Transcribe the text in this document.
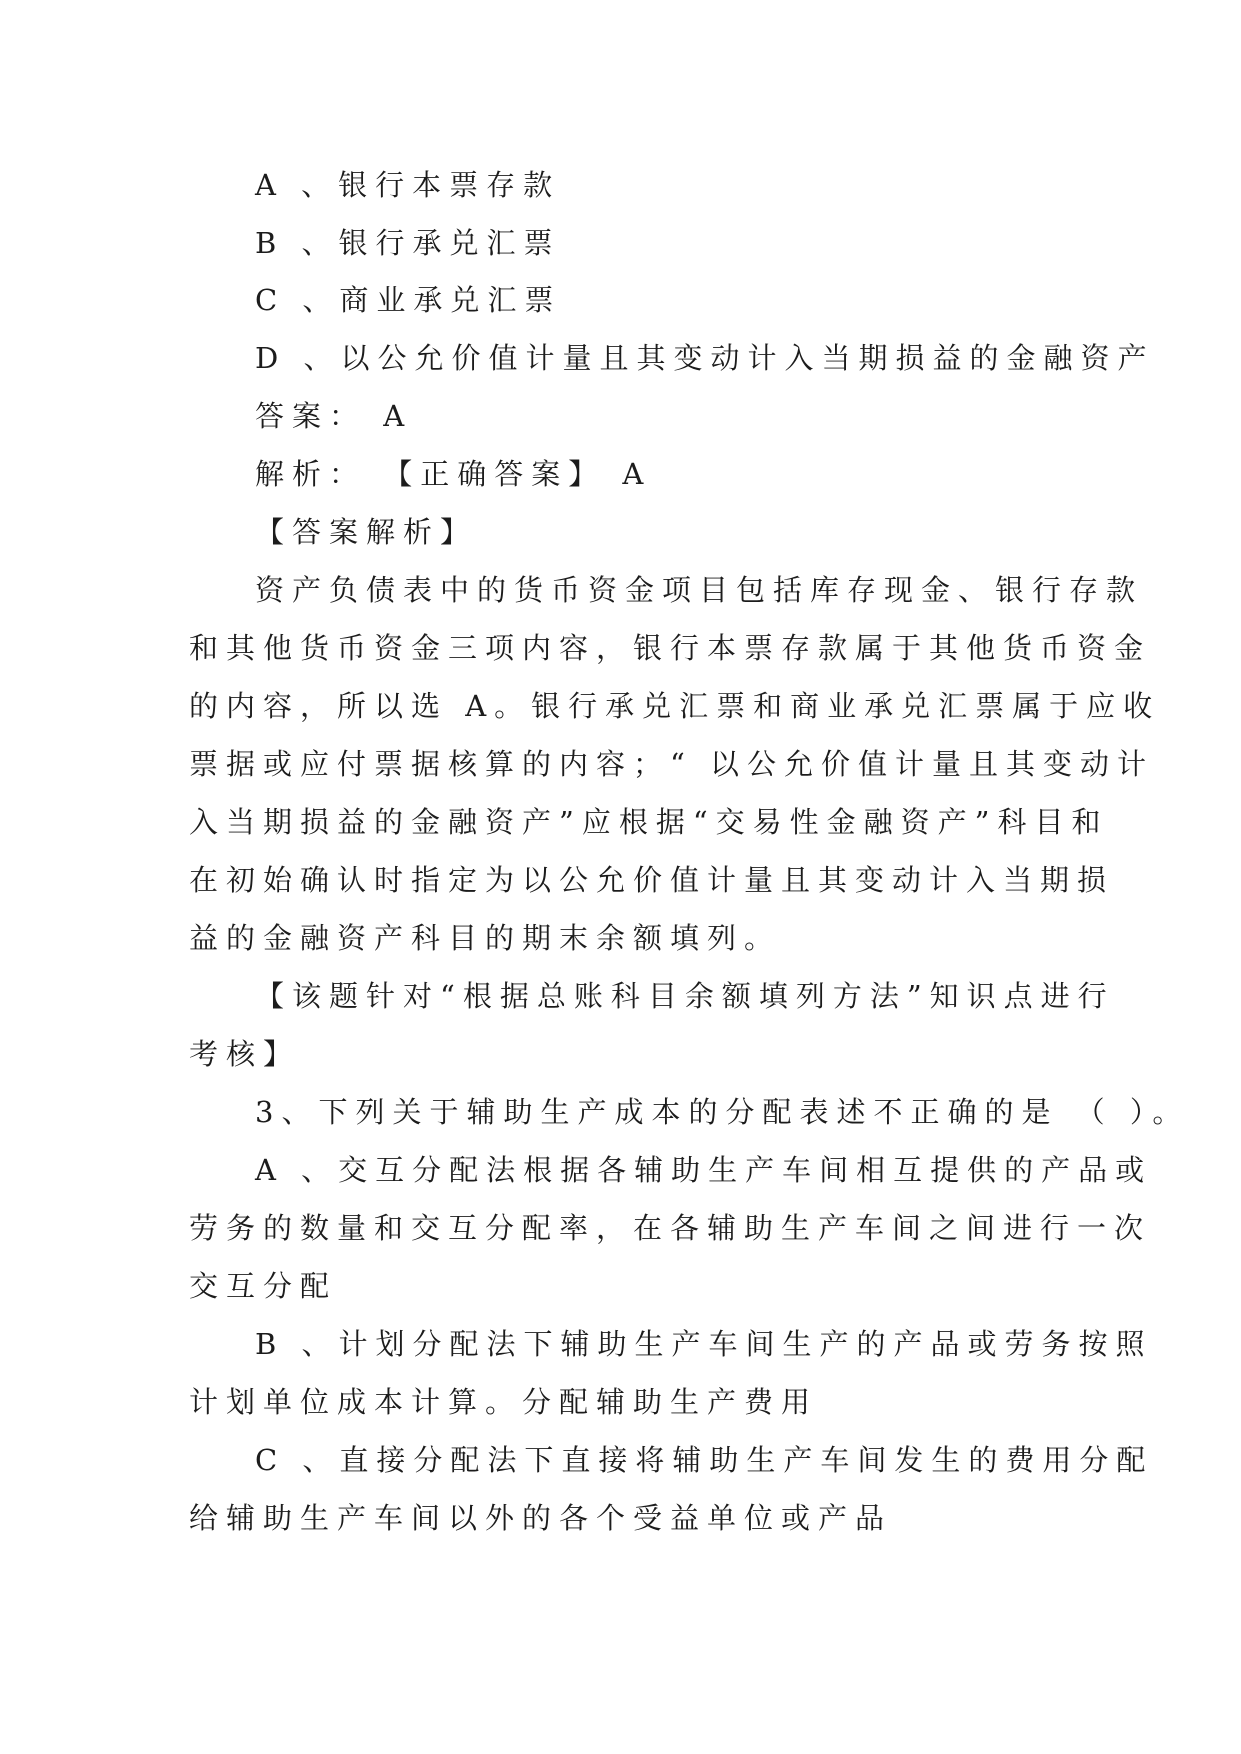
A 、银行本票存款
B 、银行承兑汇票
C 、商业承兑汇票
D 、以公允价值计量且其变动计入当期损益的金融资产
答案： A
解析： 【正确答案】 A
【答案解析】
资产负债表中的货币资金项目包括库存现金、银行存款
和其他货币资金三项内容，银行本票存款属于其他货币资金
的内容，所以选 A。银行承兑汇票和商业承兑汇票属于应收
票据或应付票据核算的内容；“ 以公允价值计量且其变动计
入当期损益的金融资产”应根据“交易性金融资产”科目和
在初始确认时指定为以公允价值计量且其变动计入当期损
益的金融资产科目的期末余额填列。
【该题针对“根据总账科目余额填列方法”知识点进行
考核】
3、下列关于辅助生产成本的分配表述不正确的是 （ ）。
A 、交互分配法根据各辅助生产车间相互提供的产品或
劳务的数量和交互分配率，在各辅助生产车间之间进行一次
交互分配
B 、计划分配法下辅助生产车间生产的产品或劳务按照
计划单位成本计算。分配辅助生产费用
C 、直接分配法下直接将辅助生产车间发生的费用分配
给辅助生产车间以外的各个受益单位或产品
